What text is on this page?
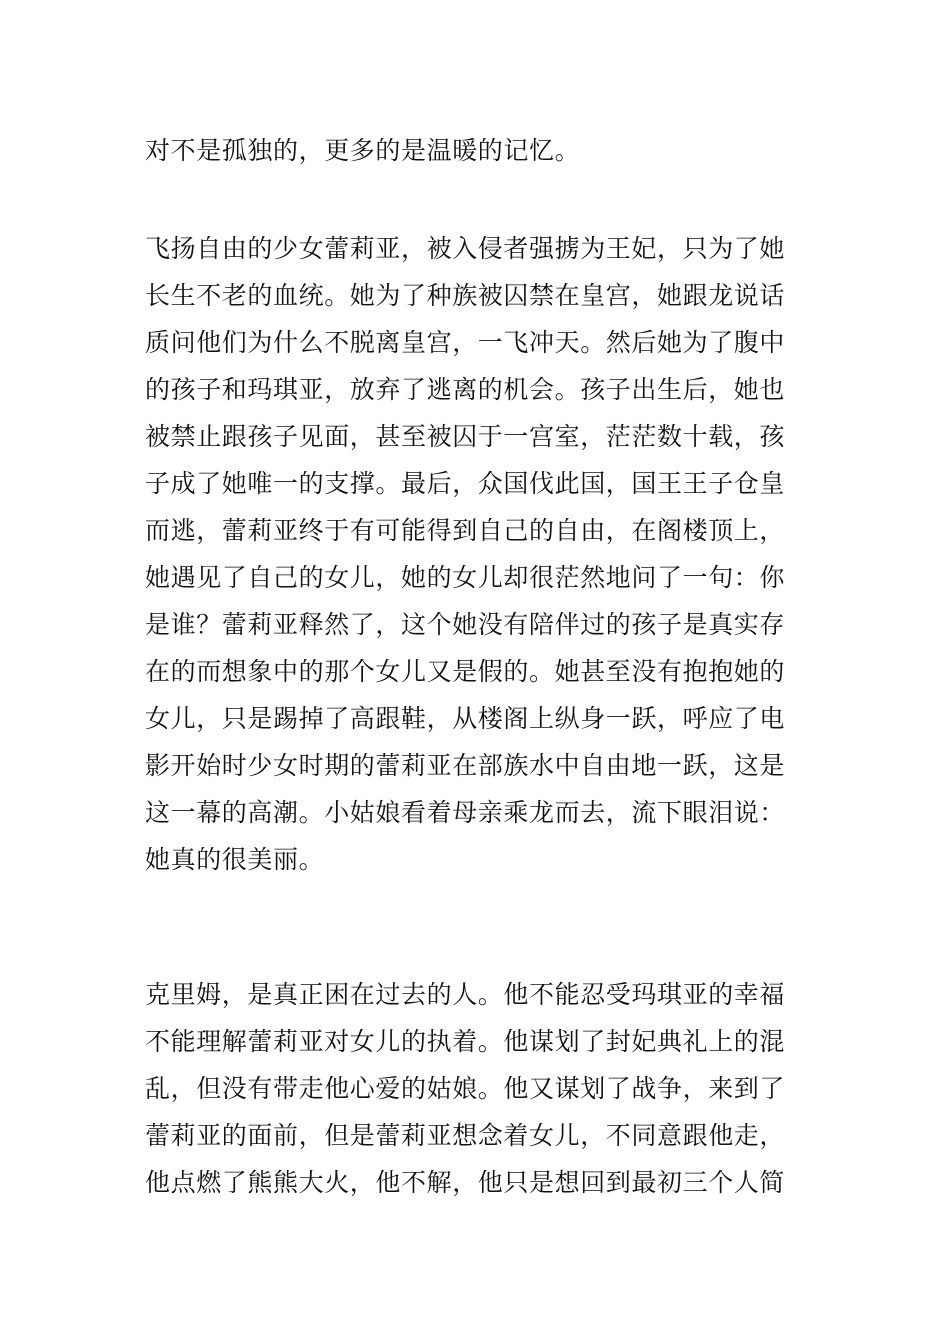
对不是孤独的，更多的是温暖的记忆。
飞扬自由的少女蕾莉亚，被入侵者强掳为王妃，只为了她
长生不老的血统。她为了种族被囚禁在皇宫，她跟龙说话
质问他们为什么不脱离皇宫，一飞冲天。然后她为了腹中
的孩子和玛琪亚，放弃了逃离的机会。孩子出生后，她也
被禁止跟孩子见面，甚至被囚于一宫室，茫茫数十载，孩
子成了她唯一的支撑。最后，众国伐此国，国王王子仓皇
而逃，蕾莉亚终于有可能得到自己的自由，在阁楼顶上，
她遇见了自己的女儿，她的女儿却很茫然地问了一句：你
是谁？蕾莉亚释然了，这个她没有陪伴过的孩子是真实存
在的而想象中的那个女儿又是假的。她甚至没有抱抱她的
女儿，只是踢掉了高跟鞋，从楼阁上纵身一跃，呼应了电
影开始时少女时期的蕾莉亚在部族水中自由地一跃，这是
这一幕的高潮。小姑娘看着母亲乘龙而去，流下眼泪说：
她真的很美丽。
克里姆，是真正困在过去的人。他不能忍受玛琪亚的幸福
不能理解蕾莉亚对女儿的执着。他谋划了封妃典礼上的混
乱，但没有带走他心爱的姑娘。他又谋划了战争，来到了
蕾莉亚的面前，但是蕾莉亚想念着女儿，不同意跟他走，
他点燃了熊熊大火，他不解，他只是想回到最初三个人简
